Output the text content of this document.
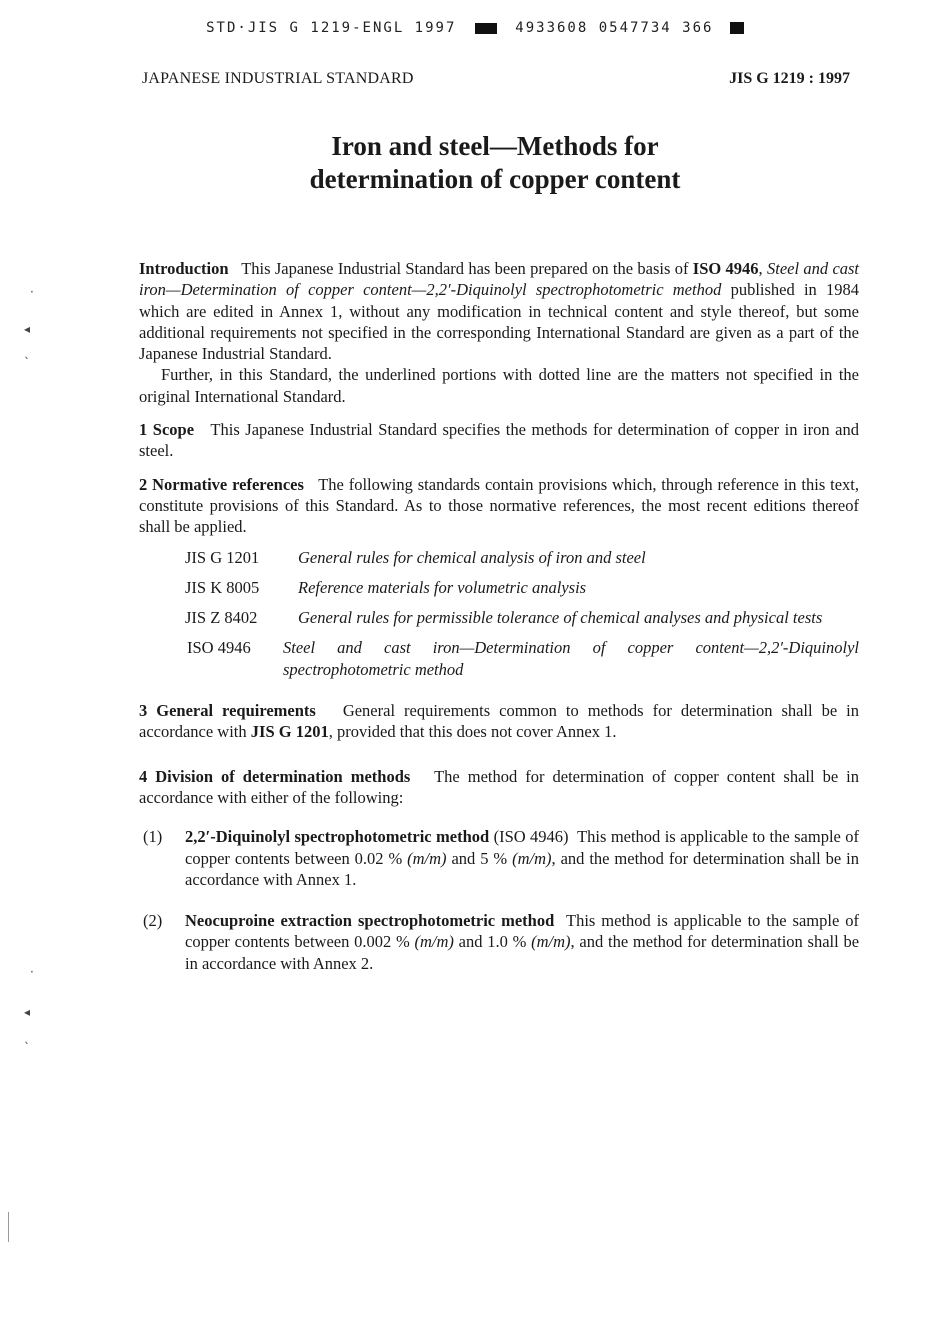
STD·JIS G 1219-ENGL 1997	4933608 0547734 366
JAPANESE INDUSTRIAL STANDARD	JIS G 1219 : 1997
Iron and steel—Methods for
determination of copper content

Introduction This Japanese Industrial Standard has been prepared on the basis of ISO 4946, Steel and cast iron—Determination of copper content—2,2′-Diquinolyl spectrophotometric method published in 1984 which are edited in Annex 1, without any modification in technical content and style thereof, but some additional requirements not specified in the corresponding International Standard are given as a part of the Japanese Industrial Standard.

Further, in this Standard, the underlined portions with dotted line are the matters not specified in the original International Standard.

1 Scope This Japanese Industrial Standard specifies the methods for determination of copper in iron and steel.

2 Normative references The following standards contain provisions which, through reference in this text, constitute provisions of this Standard. As to those normative references, the most recent editions thereof shall be applied.

JIS G 1201	General rules for chemical analysis of iron and steel
JIS K 8005	Reference materials for volumetric analysis
JIS Z 8402	General rules for permissible tolerance of chemical analyses and physical tests
ISO 4946	Steel and cast iron—Determination of copper content—2,2′-Diquinolyl spectrophotometric method

3 General requirements General requirements common to methods for determination shall be in accordance with JIS G 1201, provided that this does not cover Annex 1.

4 Division of determination methods The method for determination of copper content shall be in accordance with either of the following:

(1)	2,2′-Diquinolyl spectrophotometric method (ISO 4946) This method is applicable to the sample of copper contents between 0.02 % (m/m) and 5 % (m/m), and the method for determination shall be in accordance with Annex 1.
(2)	Neocuproine extraction spectrophotometric method This method is applicable to the sample of copper contents between 0.002 % (m/m) and 1.0 % (m/m), and the method for determination shall be in accordance with Annex 2.
·
◂
ˎ
·
◂
ˎ
